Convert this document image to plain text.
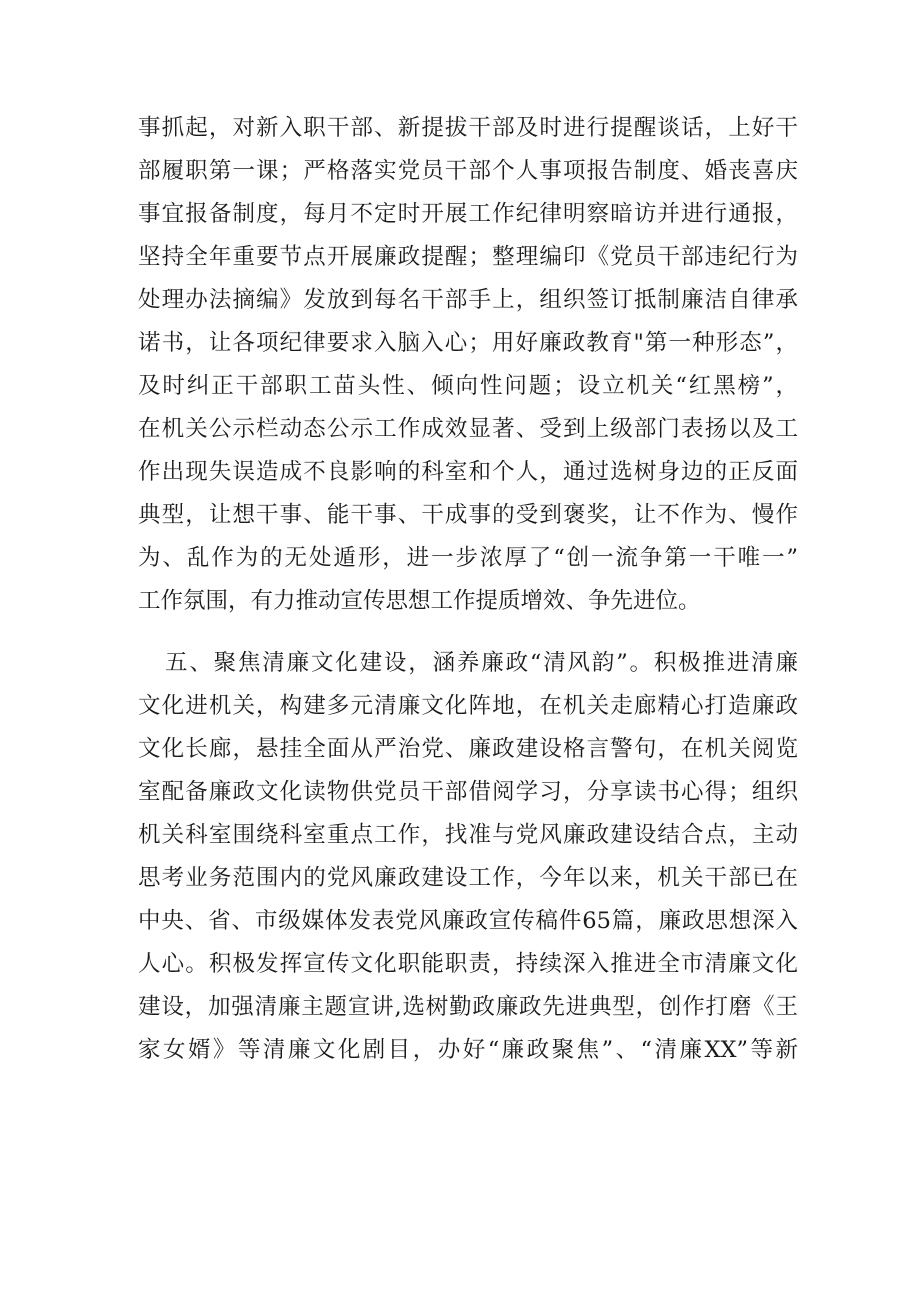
事抓起，对新入职干部、新提拔干部及时进行提醒谈话，上好干
部履职第一课；严格落实党员干部个人事项报告制度、婚丧喜庆
事宜报备制度，每月不定时开展工作纪律明察暗访并进行通报，
坚持全年重要节点开展廉政提醒；整理编印《党员干部违纪行为
处理办法摘编》发放到每名干部手上，组织签订抵制廉洁自律承
诺书，让各项纪律要求入脑入心；用好廉政教育"第一种形态”，
及时纠正干部职工苗头性、倾向性问题；设立机关“红黑榜”，
在机关公示栏动态公示工作成效显著、受到上级部门表扬以及工
作出现失误造成不良影响的科室和个人，通过选树身边的正反面
典型，让想干事、能干事、干成事的受到褒奖，让不作为、慢作
为、乱作为的无处遁形，进一步浓厚了“创一流争第一干唯一”
工作氛围，有力推动宣传思想工作提质增效、争先进位。
五、聚焦清廉文化建设，涵养廉政“清风韵”。积极推进清廉
文化进机关，构建多元清廉文化阵地，在机关走廊精心打造廉政
文化长廊，悬挂全面从严治党、廉政建设格言警句，在机关阅览
室配备廉政文化读物供党员干部借阅学习，分享读书心得；组织
机关科室围绕科室重点工作，找准与党风廉政建设结合点，主动
思考业务范围内的党风廉政建设工作，今年以来，机关干部已在
中央、省、市级媒体发表党风廉政宣传稿件65篇，廉政思想深入
人心。积极发挥宣传文化职能职责，持续深入推进全市清廉文化
建设，加强清廉主题宣讲,选树勤政廉政先进典型，创作打磨《王
家女婿》等清廉文化剧目，办好“廉政聚焦”、“清廉XX”等新
